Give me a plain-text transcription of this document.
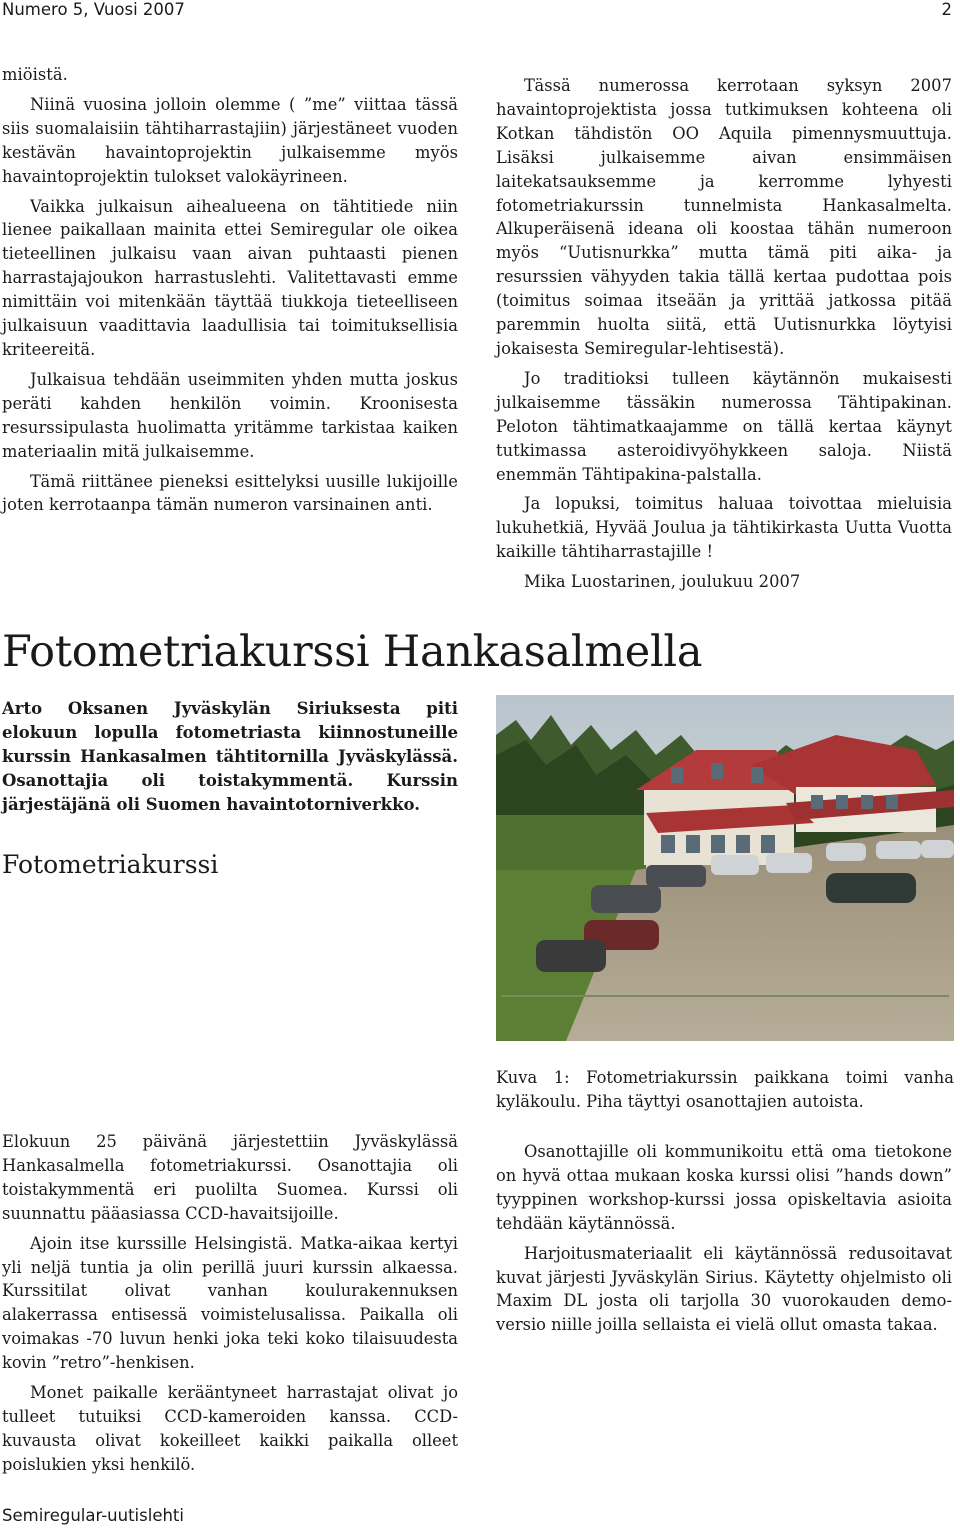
Numero 5, Vuosi 2007	2

miöistä.

Niinä vuosina jolloin olemme ( ”me” viittaa tässä siis suomalaisiin tähtiharrastajiin) järjestäneet vuoden kestävän havaintoprojektin julkaisemme myös havaintoprojektin tulokset valokäyrineen.

Vaikka julkaisun aihealueena on tähtitiede niin lienee paikallaan mainita ettei Semiregular ole oikea tieteellinen julkaisu vaan aivan puhtaasti pienen harrastajajoukon harrastuslehti. Valitettavasti emme nimittäin voi mitenkään täyttää tiukkoja tieteelliseen julkaisuun vaadittavia laadullisia tai toimituksellisia kriteereitä.

Julkaisua tehdään useimmiten yhden mutta joskus peräti kahden henkilön voimin. Kroonisesta resurssipulasta huolimatta yritämme tarkistaa kaiken materiaalin mitä julkaisemme.

Tämä riittänee pieneksi esittelyksi uusille lukijoille joten kerrotaanpa tämän numeron varsinainen anti.

Tässä numerossa kerrotaan syksyn 2007 havaintoprojektista jossa tutkimuksen kohteena oli Kotkan tähdistön OO Aquila pimennysmuuttuja. Lisäksi julkaisemme aivan ensimmäisen laitekatsauksemme ja kerromme lyhyesti fotometriakurssin tunnelmista Hankasalmelta. Alkuperäisenä ideana oli koostaa tähän numeroon myös “Uutisnurkka” mutta tämä piti aika- ja resurssien vähyyden takia tällä kertaa pudottaa pois (toimitus soimaa itseään ja yrittää jatkossa pitää paremmin huolta siitä, että Uutisnurkka löytyisi jokaisesta Semiregular-lehtisestä).

Jo traditioksi tulleen käytännön mukaisesti julkaisemme tässäkin numerossa Tähtipakinan. Peloton tähtimatkaajamme on tällä kertaa käynyt tutkimassa asteroidivyöhykkeen saloja. Niistä enemmän Tähtipakina-palstalla.

Ja lopuksi, toimitus haluaa toivottaa mieluisia lukuhetkiä, Hyvää Joulua ja tähtikirkasta Uutta Vuotta kaikille tähtiharrastajille !

Mika Luostarinen, joulukuu 2007

Fotometriakurssi Hankasalmella

Arto Oksanen Jyväskylän Siriuksesta piti elokuun lopulla fotometriasta kiinnostuneille kurssin Hankasalmen tähtitornilla Jyväskylässä. Osanottajia oli toistakymmentä. Kurssin järjestäjänä oli Suomen havaintotorniverkko.

Fotometriakurssi

Kuva 1: Fotometriakurssin paikkana toimi vanha kyläkoulu. Piha täyttyi osanottajien autoista.

Elokuun 25 päivänä järjestettiin Jyväskylässä Hankasalmella fotometriakurssi. Osanottajia oli toistakymmentä eri puolilta Suomea. Kurssi oli suunnattu pääasiassa CCD-havaitsijoille.

Ajoin itse kurssille Helsingistä. Matka-aikaa kertyi yli neljä tuntia ja olin perillä juuri kurssin alkaessa. Kurssitilat olivat vanhan koulurakennuksen alakerrassa entisessä voimistelusalissa. Paikalla oli voimakas -70 luvun henki joka teki koko tilaisuudesta kovin ”retro”-henkisen.

Monet paikalle kerääntyneet harrastajat olivat jo tulleet tutuiksi CCD-kameroiden kanssa. CCD-kuvausta olivat kokeilleet kaikki paikalla olleet poislukien yksi henkilö.

Osanottajille oli kommunikoitu että oma tietokone on hyvä ottaa mukaan koska kurssi olisi ”hands down” tyyppinen workshop-kurssi jossa opiskeltavia asioita tehdään käytännössä.

Harjoitusmateriaalit eli käytännössä redusoitavat kuvat järjesti Jyväskylän Sirius. Käytetty ohjelmisto oli Maxim DL josta oli tarjolla 30 vuorokauden demo-versio niille joilla sellaista ei vielä ollut omasta takaa.

Semiregular-uutislehti
